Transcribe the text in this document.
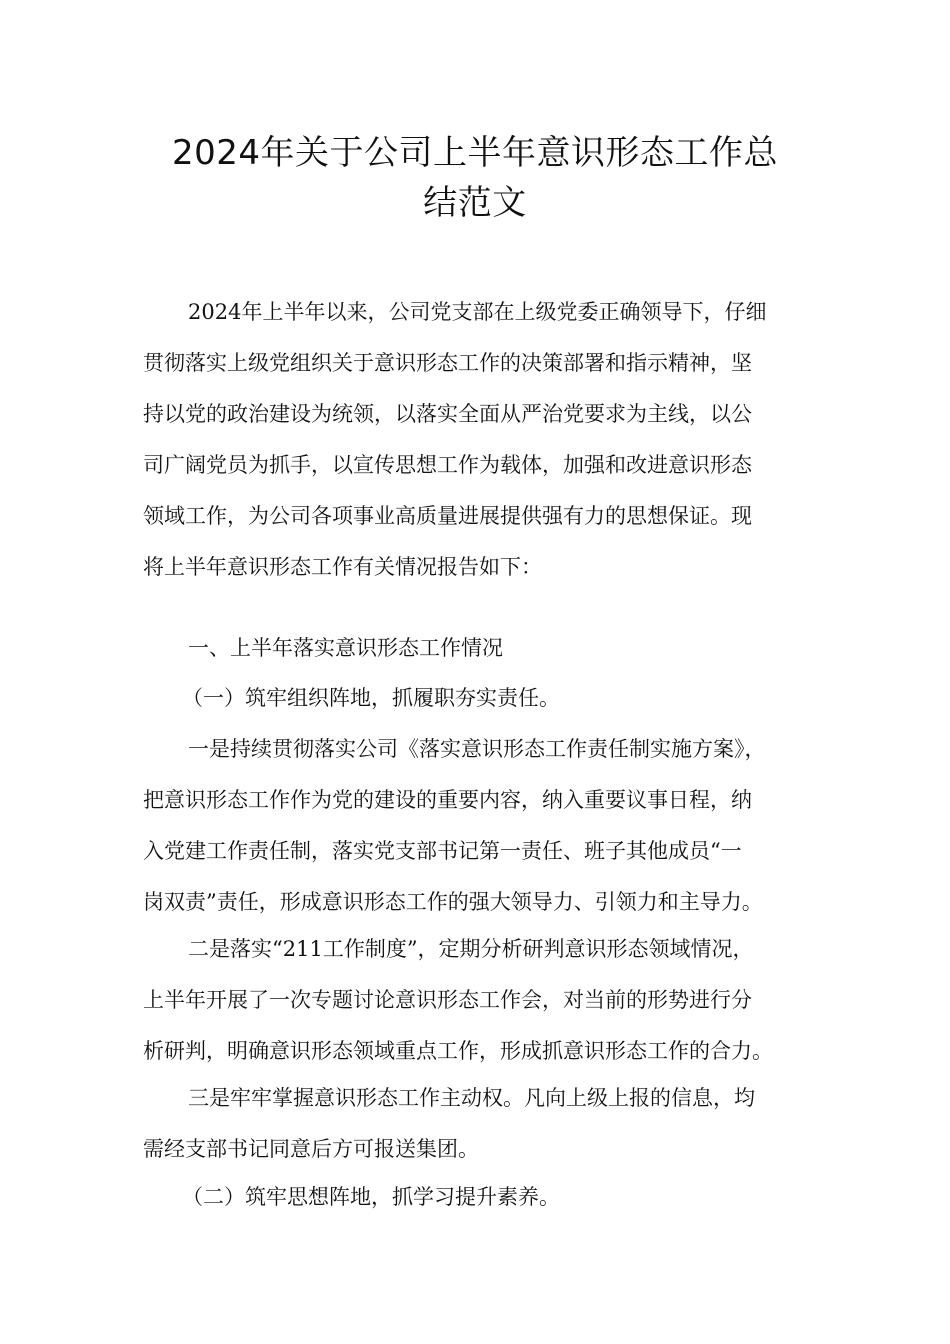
2024年关于公司上半年意识形态工作总
结范文
2024年上半年以来，公司党支部在上级党委正确领导下，仔细
贯彻落实上级党组织关于意识形态工作的决策部署和指示精神，坚
持以党的政治建设为统领，以落实全面从严治党要求为主线，以公
司广阔党员为抓手，以宣传思想工作为载体，加强和改进意识形态
领域工作，为公司各项事业高质量进展提供强有力的思想保证。现
将上半年意识形态工作有关情况报告如下：

一、上半年落实意识形态工作情况

（一）筑牢组织阵地，抓履职夯实责任。

一是持续贯彻落实公司《落实意识形态工作责任制实施方案》，
把意识形态工作作为党的建设的重要内容，纳入重要议事日程，纳
入党建工作责任制，落实党支部书记第一责任、班子其他成员“一
岗双责”责任，形成意识形态工作的强大领导力、引领力和主导力。
二是落实“211工作制度”，定期分析研判意识形态领域情况，
上半年开展了一次专题讨论意识形态工作会，对当前的形势进行分
析研判，明确意识形态领域重点工作，形成抓意识形态工作的合力。
三是牢牢掌握意识形态工作主动权。凡向上级上报的信息，均
需经支部书记同意后方可报送集团。

（二）筑牢思想阵地，抓学习提升素养。
